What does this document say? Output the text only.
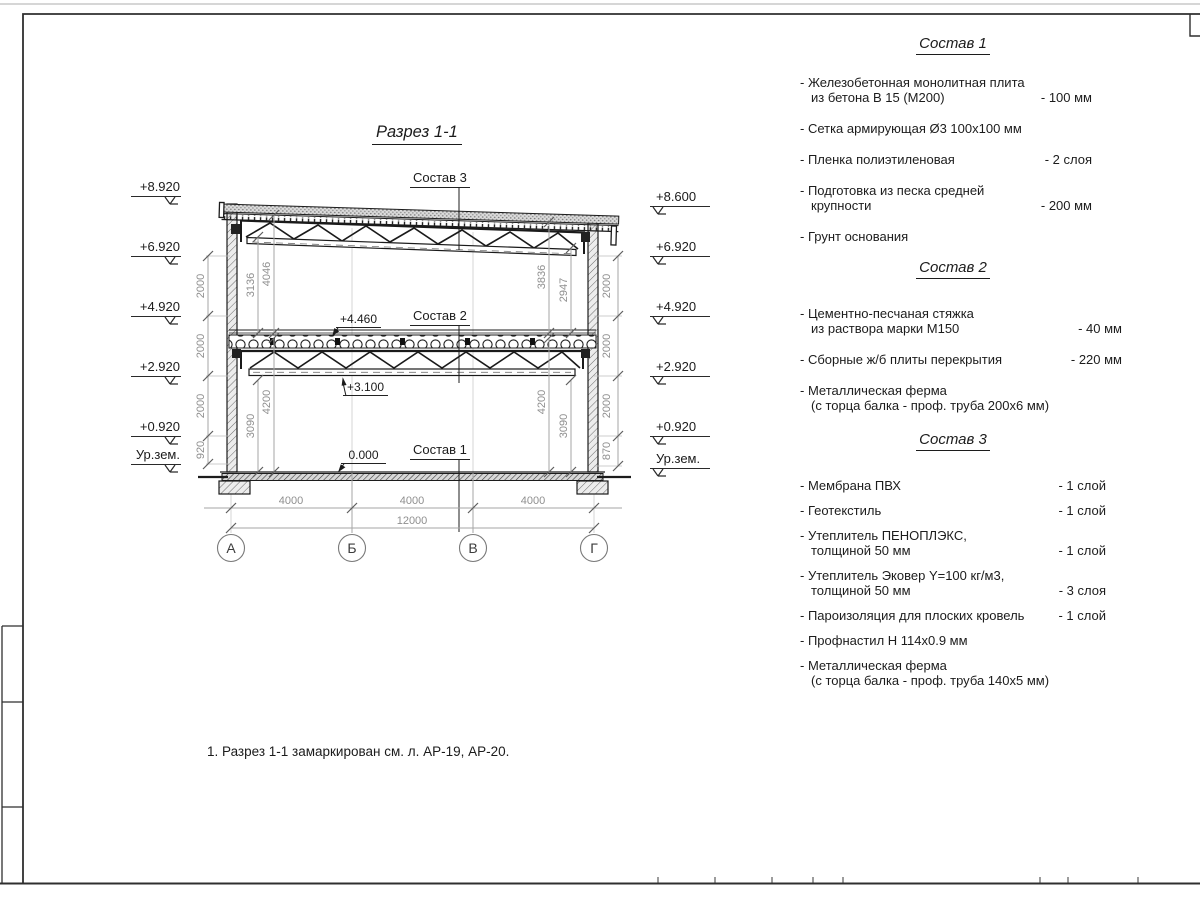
Разрез 1-1
1. Разрез 1-1 замаркирован см. л. АР-19, АР-20.
+8.920
+6.920
+4.920
+2.920
+0.920
Ур.зем.
+8.600
+6.920
+4.920
+2.920
+0.920
Ур.зем.
+4.460
+3.100
0.000
Состав 3
Состав 2
Состав 1
2000
2000
2000
920
2000
2000
2000
870
3136 4046	3836
2947
3090
4200	4200
3090
4000	4000	4000
12000
А	Б	В	Г
Состав 1
- Железобетонная монолитная плита
из бетона В 15 (М200)	- 100 мм
- Сетка армирующая Ø3 100x100 мм
- Пленка полиэтиленовая	- 2 слоя
- Подготовка из песка средней
крупности	- 200 мм
- Грунт основания
Состав 2
- Цементно-песчаная стяжка
из раствора марки М150	- 40 мм
- Сборные ж/б плиты перекрытия	- 220 мм
- Металлическая ферма
(с торца балка - проф. труба 200x6 мм)
Состав 3
- Мембрана ПВХ	- 1 слой
- Геотекстиль	- 1 слой
- Утеплитель ПЕНОПЛЭКС,
толщиной 50 мм	- 1 слой
- Утеплитель Эковер Y=100 кг/м3,
толщиной 50 мм	- 3 слоя
- Пароизоляция для плоских кровель	- 1 слой
- Профнастил Н 114x0.9 мм
- Металлическая ферма
(с торца балка - проф. труба 140x5 мм)
